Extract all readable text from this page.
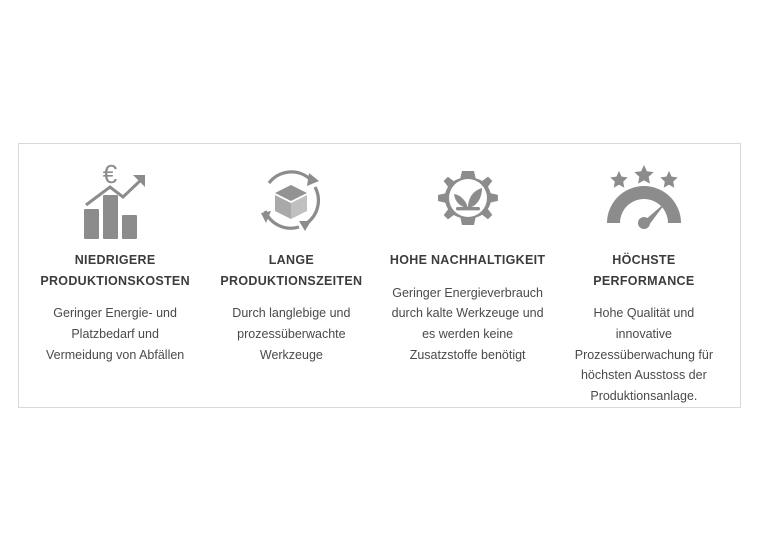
€
NIEDRIGERE PRODUKTIONSKOSTEN
Geringer Energie- und Platzbedarf und Vermeidung von Abfällen
LANGE PRODUKTIONSZEITEN
Durch langlebige und prozessüberwachte Werkzeuge
HOHE NACHHALTIGKEIT
Geringer Energieverbrauch durch kalte Werkzeuge und es werden keine Zusatzstoffe benötigt
HÖCHSTE PERFORMANCE
Hohe Qualität und innovative Prozessüberwachung für höchsten Ausstoss der Produktionsanlage.
